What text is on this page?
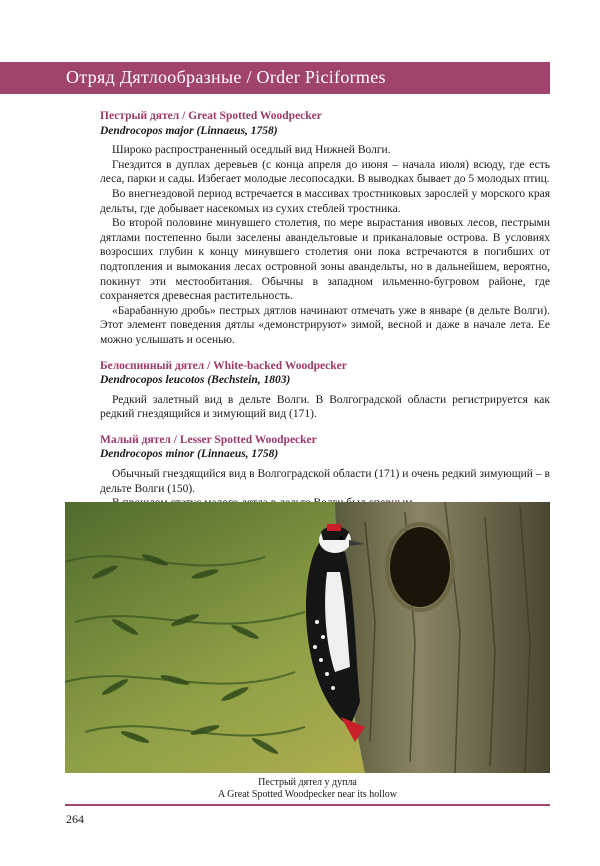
Отряд Дятлообразные / Order Piciformes

Пестрый дятел / Great Spotted Woodpecker

Dendrocopos major (Linnaeus, 1758)

Широко распространенный оседлый вид Нижней Волги.

Гнездится в дуплах деревьев (с конца апреля до июня – начала июля) всюду, где есть леса, парки и сады. Избегает молодые лесопосадки. В выводках бывает до 5 молодых птиц.

Во внегнездовой период встречается в массивах тростниковых зарослей у морского края дельты, где добывает насекомых из сухих стеблей тростника.

Во второй половине минувшего столетия, по мере вырастания ивовых лесов, пестрыми дятлами постепенно были заселены авандельтовые и приканаловые острова. В условиях возросших глубин к концу минувшего столетия они пока встречаются в погибших от подтопления и вымокания лесах островной зоны авандельты, но в дальнейшем, вероятно, покинут эти местообитания. Обычны в западном ильменно-бугровом районе, где сохраняется древесная растительность.

«Барабанную дробь» пестрых дятлов начинают отмечать уже в январе (в дельте Волги). Этот элемент поведения дятлы «демонстрируют» зимой, весной и даже в начале лета. Ее можно услышать и осенью.

Белоспинный дятел / White-backed Woodpecker

Dendrocopos leucotos (Bechstein, 1803)

Редкий залетный вид в дельте Волги. В Волгоградской области регистрируется как редкий гнездящийся и зимующий вид (171).

Малый дятел / Lesser Spotted Woodpecker

Dendrocopos minor (Linnaeus, 1758)

Обычный гнездящийся вид в Волгоградской области (171) и очень редкий зимующий – в дельте Волги (150).

Пестрый дятел у дупла
A Great Spotted Woodpecker near its hollow
264
